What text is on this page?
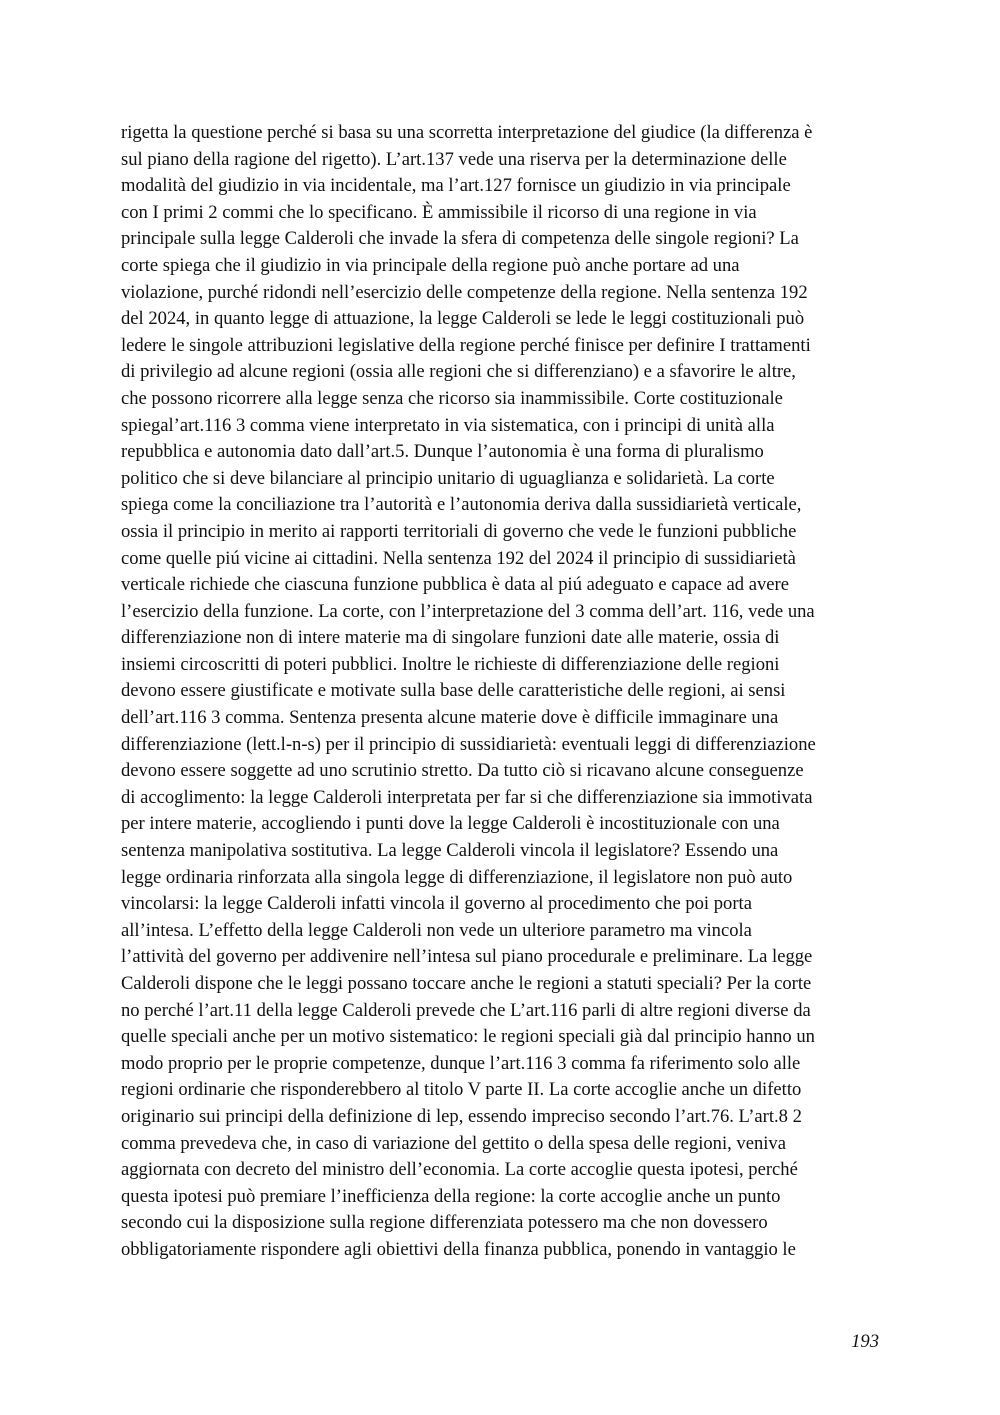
rigetta la questione perché si basa su una scorretta interpretazione del giudice (la differenza è
sul piano della ragione del rigetto). L’art.137 vede una riserva per la determinazione delle
modalità del giudizio in via incidentale, ma l’art.127 fornisce un giudizio in via principale
con I primi 2 commi che lo specificano. È ammissibile il ricorso di una regione in via
principale sulla legge Calderoli che invade la sfera di competenza delle singole regioni? La
corte spiega che il giudizio in via principale della regione può anche portare ad una
violazione, purché ridondi nell’esercizio delle competenze della regione. Nella sentenza 192
del 2024, in quanto legge di attuazione, la legge Calderoli se lede le leggi costituzionali può
ledere le singole attribuzioni legislative della regione perché finisce per definire I trattamenti
di privilegio ad alcune regioni (ossia alle regioni che si differenziano) e a sfavorire le altre,
che possono ricorrere alla legge senza che ricorso sia inammissibile. Corte costituzionale
spiegal’art.116 3 comma viene interpretato in via sistematica, con i principi di unità alla
repubblica e autonomia dato dall’art.5. Dunque l’autonomia è una forma di pluralismo
politico che si deve bilanciare al principio unitario di uguaglianza e solidarietà. La corte
spiega come la conciliazione tra l’autorità e l’autonomia deriva dalla sussidiarietà verticale,
ossia il principio in merito ai rapporti territoriali di governo che vede le funzioni pubbliche
come quelle piú vicine ai cittadini. Nella sentenza 192 del 2024 il principio di sussidiarietà
verticale richiede che ciascuna funzione pubblica è data al piú adeguato e capace ad avere
l’esercizio della funzione. La corte, con l’interpretazione del 3 comma dell’art. 116, vede una
differenziazione non di intere materie ma di singolare funzioni date alle materie, ossia di
insiemi circoscritti di poteri pubblici. Inoltre le richieste di differenziazione delle regioni
devono essere giustificate e motivate sulla base delle caratteristiche delle regioni, ai sensi
dell’art.116 3 comma. Sentenza presenta alcune materie dove è difficile immaginare una
differenziazione (lett.l-n-s) per il principio di sussidiarietà: eventuali leggi di differenziazione
devono essere soggette ad uno scrutinio stretto. Da tutto ciò si ricavano alcune conseguenze
di accoglimento: la legge Calderoli interpretata per far si che differenziazione sia immotivata
per intere materie, accogliendo i punti dove la legge Calderoli è incostituzionale con una
sentenza manipolativa sostitutiva. La legge Calderoli vincola il legislatore? Essendo una
legge ordinaria rinforzata alla singola legge di differenziazione, il legislatore non può auto
vincolarsi: la legge Calderoli infatti vincola il governo al procedimento che poi porta
all’intesa. L’effetto della legge Calderoli non vede un ulteriore parametro ma vincola
l’attività del governo per addivenire nell’intesa sul piano procedurale e preliminare. La legge
Calderoli dispone che le leggi possano toccare anche le regioni a statuti speciali? Per la corte
no perché l’art.11 della legge Calderoli prevede che L’art.116 parli di altre regioni diverse da
quelle speciali anche per un motivo sistematico: le regioni speciali già dal principio hanno un
modo proprio per le proprie competenze, dunque l’art.116 3 comma fa riferimento solo alle
regioni ordinarie che risponderebbero al titolo V parte II. La corte accoglie anche un difetto
originario sui principi della definizione di lep, essendo impreciso secondo l’art.76. L’art.8 2
comma prevedeva che, in caso di variazione del gettito o della spesa delle regioni, veniva
aggiornata con decreto del ministro dell’economia. La corte accoglie questa ipotesi, perché
questa ipotesi può premiare l’inefficienza della regione: la corte accoglie anche un punto
secondo cui la disposizione sulla regione differenziata potessero ma che non dovessero
obbligatoriamente rispondere agli obiettivi della finanza pubblica, ponendo in vantaggio le
193
